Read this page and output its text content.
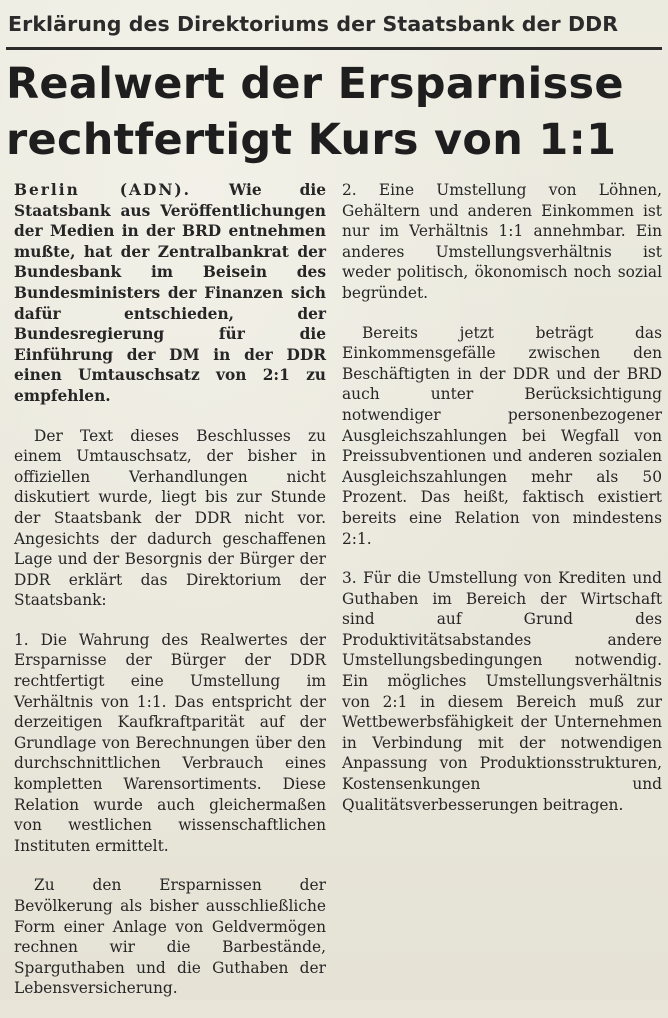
Erklärung des Direktoriums der Staatsbank der DDR
Realwert der Ersparnisse
rechtfertigt Kurs von 1:1

Berlin (ADN). Wie die Staatsbank aus Veröffentlichungen der Medien in der BRD entnehmen mußte, hat der Zentralbankrat der Bundesbank im Beisein des Bundesministers der Finanzen sich dafür entschieden, der Bundesregierung für die Einführung der DM in der DDR einen Umtauschsatz von 2:1 zu empfehlen.

Der Text dieses Beschlusses zu einem Umtauschsatz, der bisher in offiziellen Verhandlungen nicht diskutiert wurde, liegt bis zur Stunde der Staatsbank der DDR nicht vor. Angesichts der dadurch geschaffenen Lage und der Besorgnis der Bürger der DDR erklärt das Direktorium der Staatsbank:

1. Die Wahrung des Realwertes der Ersparnisse der Bürger der DDR rechtfertigt eine Umstellung im Verhältnis von 1:1. Das entspricht der derzeitigen Kaufkraftparität auf der Grundlage von Berechnungen über den durchschnittlichen Verbrauch eines kompletten Warensortiments. Diese Relation wurde auch gleichermaßen von westlichen wissenschaftlichen Instituten ermittelt.

Zu den Ersparnissen der Bevölkerung als bisher ausschließliche Form einer Anlage von Geldvermögen rechnen wir die Barbestände, Sparguthaben und die Guthaben der Lebensversicherung.

2. Eine Umstellung von Löhnen, Gehältern und anderen Einkommen ist nur im Verhältnis 1:1 annehmbar. Ein anderes Umstellungsverhältnis ist weder politisch, ökonomisch noch sozial begründet.

Bereits jetzt beträgt das Einkommensgefälle zwischen den Beschäftigten in der DDR und der BRD auch unter Berücksichtigung notwendiger personenbezogener Ausgleichszahlungen bei Wegfall von Preissubventionen und anderen sozialen Ausgleichszahlungen mehr als 50 Prozent. Das heißt, faktisch existiert bereits eine Relation von mindestens 2:1.

3. Für die Umstellung von Krediten und Guthaben im Bereich der Wirtschaft sind auf Grund des Produktivitätsabstandes andere Umstellungsbedingungen notwendig. Ein mögliches Umstellungsverhältnis von 2:1 in diesem Bereich muß zur Wettbewerbsfähigkeit der Unternehmen in Verbindung mit der notwendigen Anpassung von Produktionsstrukturen, Kostensenkungen und Qualitätsverbesserungen beitragen.
